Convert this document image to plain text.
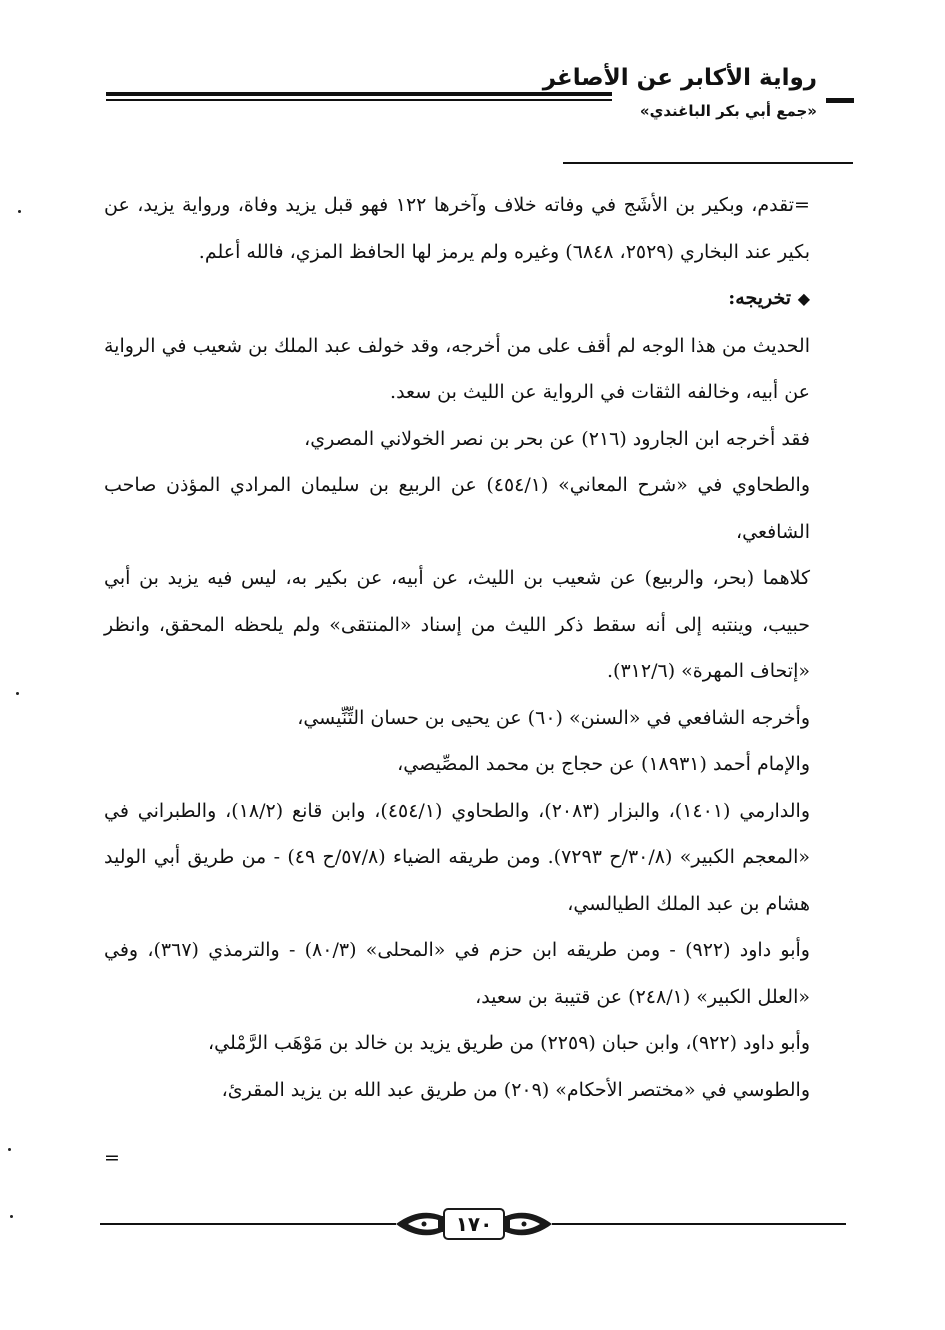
رواية الأكابر عن الأصاغر
«جمع أبي بكر الباغندي»

=تقدم، وبكير بن الأشَج في وفاته خلاف وآخرها ١٢٢ فهو قبل يزيد وفاة، ورواية يزيد، عن بكير عند البخاري (٢٥٢٩، ٦٨٤٨) وغيره ولم يرمز لها الحافظ المزي، فالله أعلم.

◆ تخريجه:

الحديث من هذا الوجه لم أقف على من أخرجه، وقد خولف عبد الملك بن شعيب في الرواية عن أبيه، وخالفه الثقات في الرواية عن الليث بن سعد.

فقد أخرجه ابن الجارود (٢١٦) عن بحر بن نصر الخولاني المصري،

والطحاوي في «شرح المعاني» (٤٥٤/١) عن الربيع بن سليمان المرادي المؤذن صاحب الشافعي،

كلاهما (بحر، والربيع) عن شعيب بن الليث، عن أبيه، عن بكير به، ليس فيه يزيد بن أبي حبيب، وينتبه إلى أنه سقط ذكر الليث من إسناد «المنتقى» ولم يلحظه المحقق، وانظر «إتحاف المهرة» (٣١٢/٦).

وأخرجه الشافعي في «السنن» (٦٠) عن يحيى بن حسان التِّنِّيسي،

والإمام أحمد (١٨٩٣١) عن حجاج بن محمد المصِّيصي،

والدارمي (١٤٠١)، والبزار (٢٠٨٣)، والطحاوي (٤٥٤/١)، وابن قانع (١٨/٢)، والطبراني في «المعجم الكبير» (٣٠/٨/ح ٧٢٩٣). ومن طريقه الضياء (٥٧/٨/ح ٤٩) - من طريق أبي الوليد هشام بن عبد الملك الطيالسي،

وأبو داود (٩٢٢) - ومن طريقه ابن حزم في «المحلى» (٨٠/٣) - والترمذي (٣٦٧)، وفي «العلل الكبير» (٢٤٨/١) عن قتيبة بن سعيد،

وأبو داود (٩٢٢)، وابن حبان (٢٢٥٩) من طريق يزيد بن خالد بن مَوْهَب الرَّمْلي،

والطوسي في «مختصر الأحكام» (٢٠٩) من طريق عبد الله بن يزيد المقرئ،

=
١٧٠
